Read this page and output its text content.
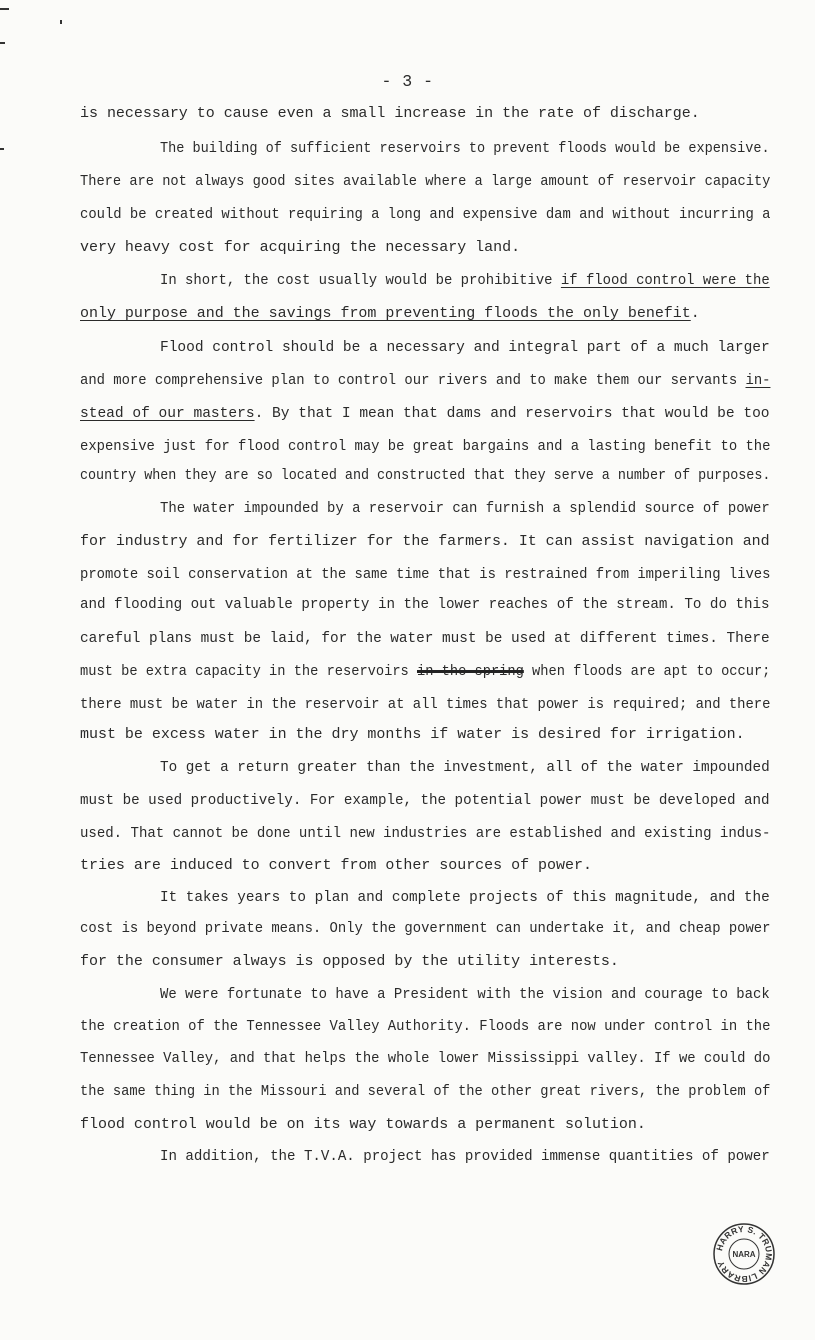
- 3 -
is necessary to cause even a small increase in the rate of discharge.
The building of sufficient reservoirs to prevent floods would be expensive.
There are not always good sites available where a large amount of reservoir capacity
could be created without requiring a long and expensive dam and without incurring a
very heavy cost for acquiring the necessary land.
In short, the cost usually would be prohibitive if flood control were the
only purpose and the savings from preventing floods the only benefit.
Flood control should be a necessary and integral part of a much larger
and more comprehensive plan to control our rivers and to make them our servants in-
stead of our masters. By that I mean that dams and reservoirs that would be too
expensive just for flood control may be great bargains and a lasting benefit to the
country when they are so located and constructed that they serve a number of purposes.
The water impounded by a reservoir can furnish a splendid source of power
for industry and for fertilizer for the farmers. It can assist navigation and
promote soil conservation at the same time that is restrained from imperiling lives
and flooding out valuable property in the lower reaches of the stream. To do this
careful plans must be laid, for the water must be used at different times. There
must be extra capacity in the reservoirs in the spring when floods are apt to occur;
there must be water in the reservoir at all times that power is required; and there
must be excess water in the dry months if water is desired for irrigation.
To get a return greater than the investment, all of the water impounded
must be used productively. For example, the potential power must be developed and
used. That cannot be done until new industries are established and existing indus-
tries are induced to convert from other sources of power.
It takes years to plan and complete projects of this magnitude, and the
cost is beyond private means. Only the government can undertake it, and cheap power
for the consumer always is opposed by the utility interests.
We were fortunate to have a President with the vision and courage to back
the creation of the Tennessee Valley Authority. Floods are now under control in the
Tennessee Valley, and that helps the whole lower Mississippi valley. If we could do
the same thing in the Missouri and several of the other great rivers, the problem of
flood control would be on its way towards a permanent solution.
In addition, the T.V.A. project has provided immense quantities of power
HARRY S. TRUMAN LIBRARY
NARA
